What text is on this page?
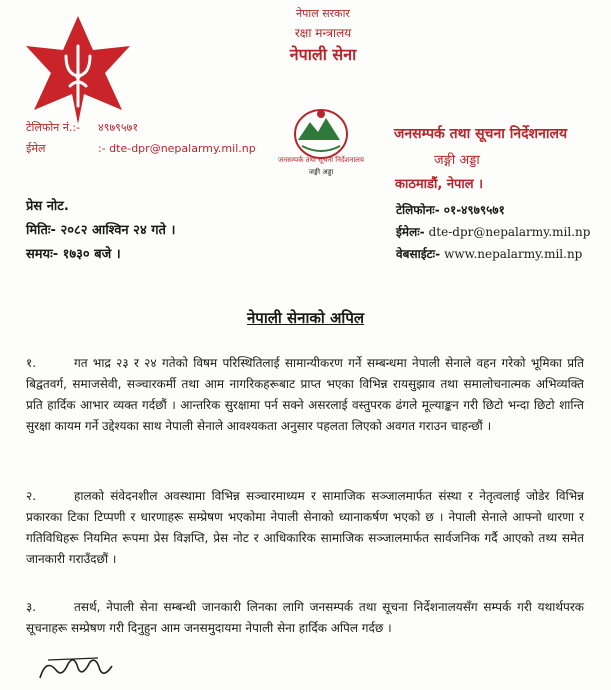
नेपाल सरकार
रक्षा मन्त्रालय
नेपाली सेना
जनसम्पर्क तथा सूचना निर्देशनालय
जङ्गी अड्डा
टेलिफोन नं.:-	४९७९५७१
ईमेल	:- dte-dpr@nepalarmy.mil.np
जनसम्पर्क तथा सूचना निर्देशनालय
जङ्गी अड्डा
काठमाडौं, नेपाल ।
प्रेस नोट.
मितिः- २०८२ आश्विन २४ गते ।
समयः- १७३० बजे ।
टेलिफोनः- ०१-४९७९५७१
ईमेलः- dte-dpr@nepalarmy.mil.np
वेबसाईटः- www.nepalarmy.mil.np
नेपाली सेनाको अपिल
१.	गत भाद्र २३ र २४ गतेको विषम परिस्थितिलाई सामान्यीकरण गर्ने सम्बन्धमा नेपाली सेनाले वहन गरेको भूमिका प्रति बिद्वतवर्ग, समाजसेवी, सञ्चारकर्मी तथा आम नागरिकहरूबाट प्राप्त भएका विभिन्न रायसुझाव तथा समालोचनात्मक अभिव्यक्ति प्रति हार्दिक आभार व्यक्त गर्दछौं । आन्तरिक सुरक्षामा पर्न सक्ने असरलाई वस्तुपरक ढंगले मूल्याङ्कन गरी छिटो भन्दा छिटो शान्ति सुरक्षा कायम गर्ने उद्देश्यका साथ नेपाली सेनाले आवश्यकता अनुसार पहलता लिएको अवगत गराउन चाहन्छौं ।
२.	हालको संवेदनशील अवस्थामा विभिन्न सञ्चारमाध्यम र सामाजिक सञ्जालमार्फत संस्था र नेतृत्वलाई जोडेर विभिन्न प्रकारका टिका टिप्पणी र धारणाहरू सम्प्रेषण भएकोमा नेपाली सेनाको ध्यानाकर्षण भएको छ । नेपाली सेनाले आफ्नो धारणा र गतिविधिहरू नियमित रूपमा प्रेस विज्ञप्ति, प्रेस नोट र आधिकारिक सामाजिक सञ्जालमार्फत सार्वजनिक गर्दै आएको तथ्य समेत जानकारी गराउँदछौं ।
३.	तसर्थ, नेपाली सेना सम्बन्धी जानकारी लिनका लागि जनसम्पर्क तथा सूचना निर्देशनालयसँग सम्पर्क गरी यथार्थपरक सूचनाहरू सम्प्रेषण गरी दिनुहुन आम जनसमुदायमा नेपाली सेना हार्दिक अपिल गर्दछ ।
